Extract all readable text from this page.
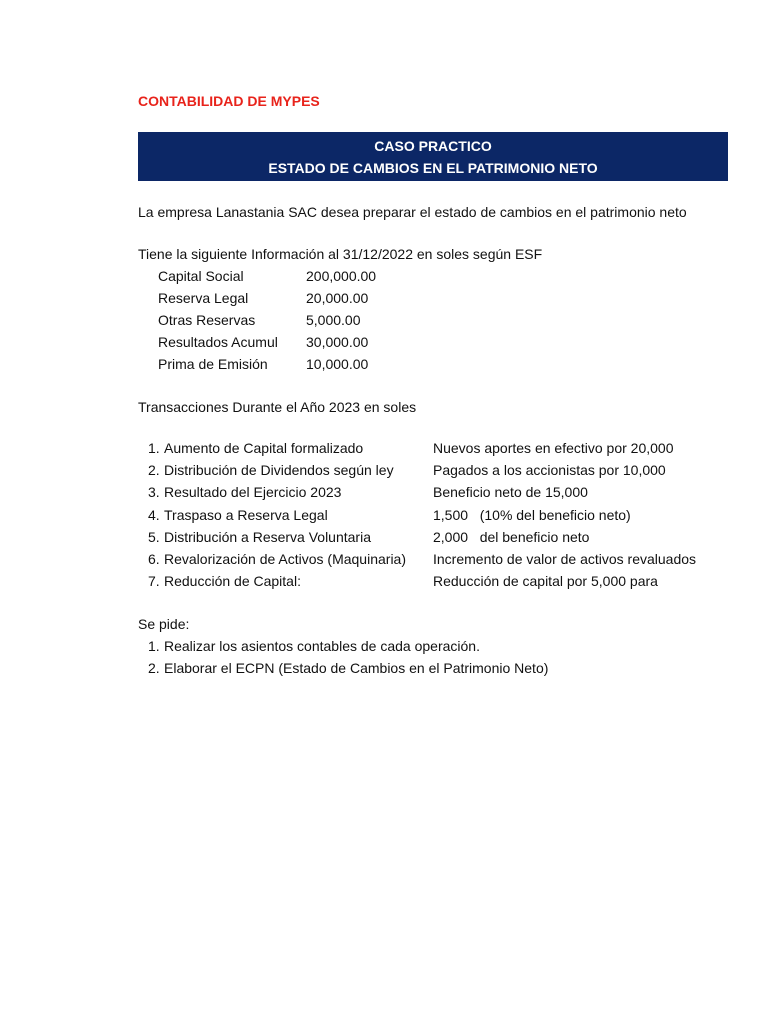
CONTABILIDAD DE MYPES
CASO PRACTICO
ESTADO DE CAMBIOS EN EL PATRIMONIO NETO
La empresa Lanastania SAC desea preparar el estado de cambios en el patrimonio neto
Tiene la siguiente Información al 31/12/2022 en soles según ESF
Capital Social	200,000.00
Reserva Legal	20,000.00
Otras Reservas	5,000.00
Resultados Acumul 30,000.00
Prima de Emisión	10,000.00
Transacciones Durante el Año 2023 en soles
1. Aumento de Capital formalizado	Nuevos aportes en efectivo por 20,000
2. Distribución de Dividendos según ley	Pagados a los accionistas por 10,000
3. Resultado del Ejercicio 2023	Beneficio neto de 15,000
4. Traspaso a Reserva Legal	1,500   (10% del beneficio neto)
5. Distribución a Reserva Voluntaria	2,000   del beneficio neto
6. Revalorización de Activos (Maquinaria)	Incremento de valor de activos revaluados
7. Reducción de Capital:	Reducción de capital por 5,000 para
Se pide:
1. Realizar los asientos contables de cada operación.
2. Elaborar el ECPN (Estado de Cambios en el Patrimonio Neto)
